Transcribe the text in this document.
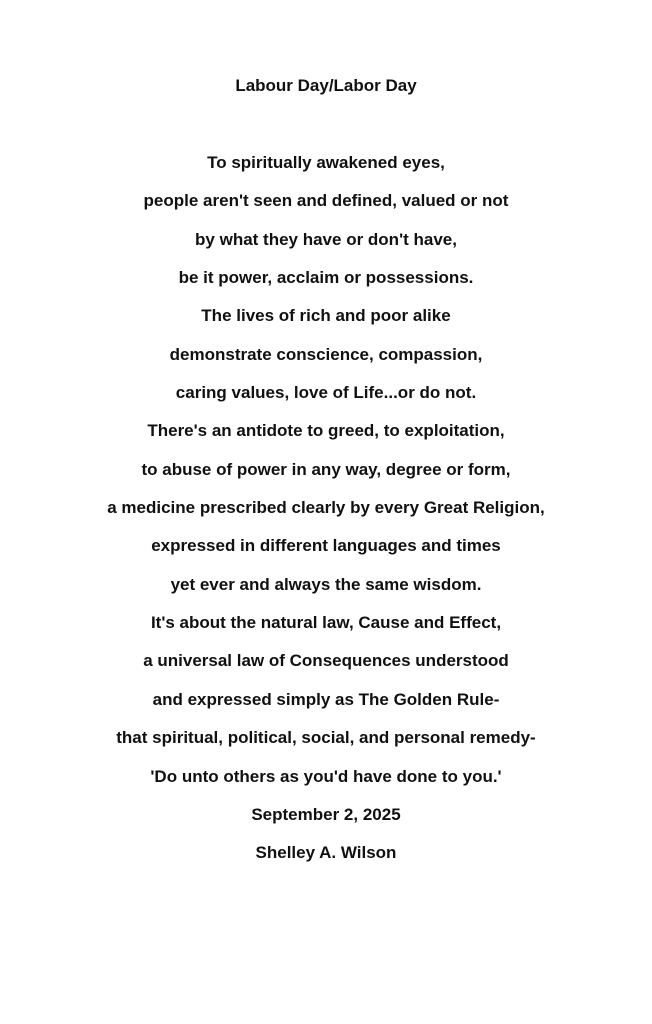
Labour Day/Labor Day
To spiritually awakened eyes,
people aren't seen and defined, valued or not
by what they have or don't have,
be it power, acclaim or possessions.
The lives of rich and poor alike
demonstrate conscience, compassion,
caring values, love of Life...or do not.
There's an antidote to greed, to exploitation,
to abuse of power in any way, degree or form,
a medicine prescribed clearly by every Great Religion,
expressed in different languages and times
yet ever and always the same wisdom.
It's about the natural law, Cause and Effect,
a universal law of Consequences understood
and expressed simply as The Golden Rule-
that spiritual, political, social, and personal remedy-
'Do unto others as you'd have done to you.'
September 2, 2025
Shelley A. Wilson
